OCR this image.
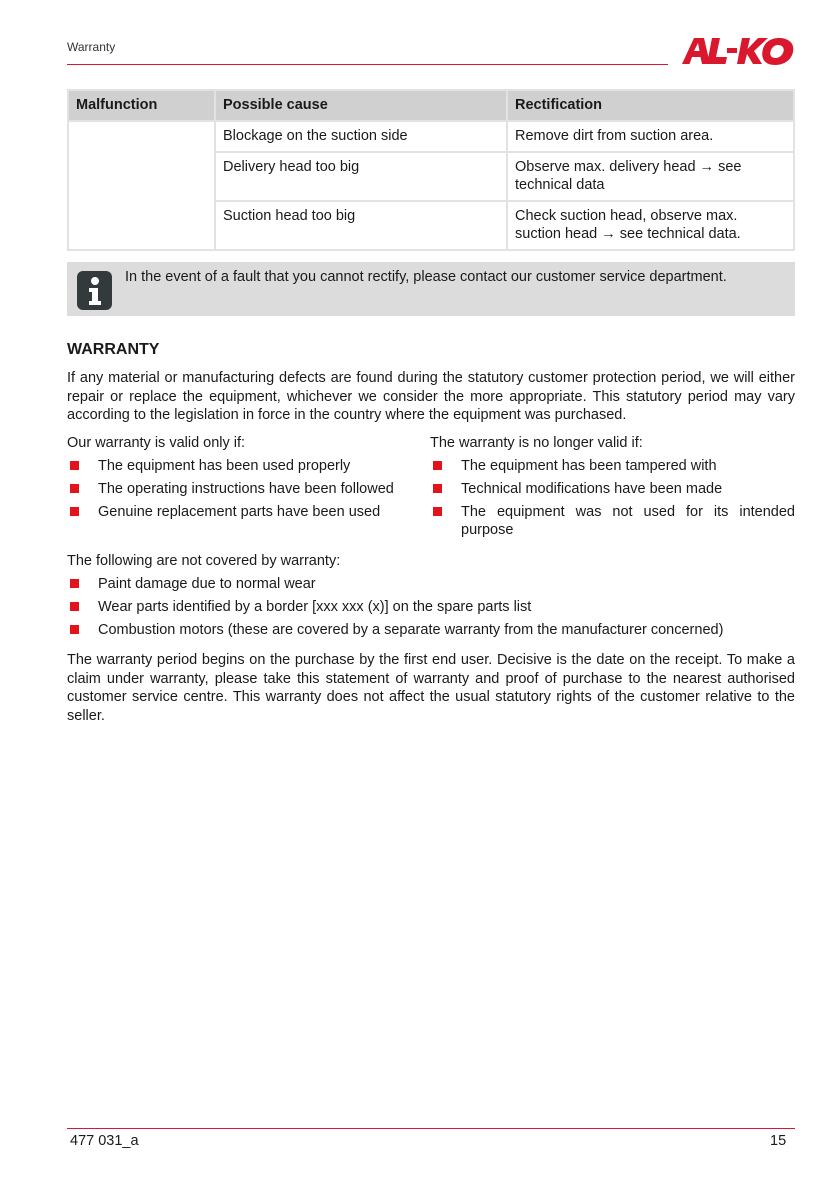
Warranty
Malfunction	Possible cause	Rectification
	Blockage on the suction side	Remove dirt from suction area.
	Delivery head too big	Observe max. delivery head → see technical data
	Suction head too big	Check suction head, observe max. suction head → see technical data.
In the event of a fault that you cannot rectify, please contact our customer service department.
WARRANTY

If any material or manufacturing defects are found during the statutory customer protection period, we will either repair or replace the equipment, whichever we consider the more appropriate. This statutory period may vary according to the legislation in force in the country where the equipment was purchased.

Our warranty is valid only if:
The equipment has been used properly
The operating instructions have been followed
Genuine replacement parts have been used
The warranty is no longer valid if:
The equipment has been tampered with
Technical modifications have been made
The equipment was not used for its intended purpose
The following are not covered by warranty:
Paint damage due to normal wear
Wear parts identified by a border [xxx xxx (x)] on the spare parts list
Combustion motors (these are covered by a separate warranty from the manufacturer concerned)

The warranty period begins on the purchase by the first end user. Decisive is the date on the receipt. To make a claim under warranty, please take this statement of warranty and proof of purchase to the nearest authorised customer service centre. This warranty does not affect the usual statutory rights of the customer relative to the seller.

477 031_a	15
